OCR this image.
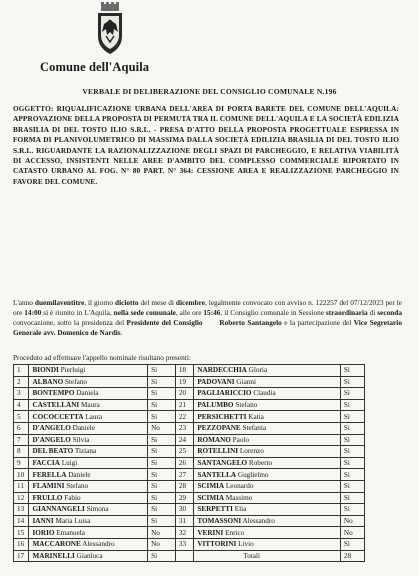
Comune dell'Aquila
VERBALE DI DELIBERAZIONE DEL CONSIGLIO COMUNALE N.196
OGGETTO: RIQUALIFICAZIONE URBANA DELL'AREA DI PORTA BARETE DEL COMUNE DELL'AQUILA: APPROVAZIONE DELLA PROPOSTA DI PERMUTA TRA IL COMUNE DELL'AQUILA E LA SOCIETÀ EDILIZIA BRASILIA DI DEL TOSTO ILIO S.R.L. - PRESA D'ATTO DELLA PROPOSTA PROGETTUALE ESPRESSA IN FORMA DI PLANIVOLUMETRICO DI MASSIMA DALLA SOCIETÀ EDILIZIA BRASILIA DI DEL TOSTO ILIO S.R.L. RIGUARDANTE LA RAZIONALIZZAZIONE DEGLI SPAZI DI PARCHEGGIO, E RELATIVA VIABILITÀ DI ACCESSO, INSISTENTI NELLE AREE D'AMBITO DEL COMPLESSO COMMERCIALE RIPORTATO IN CATASTO URBANO AL FOG. N° 80 PART. N° 364: CESSIONE AREA E REALIZZAZIONE PARCHEGGIO IN FAVORE DEL COMUNE.
L'anno duemilaventitre, il giorno diciotto del mese di dicembre, legalmente convocato con avviso n. 122257 del 07/12/2023 per le ore 14:00 si è riunito in L'Aquila, nella sede comunale, alle ore 15:46, il Consiglio comunale in Sessione straordinaria di seconda convocazione, sotto la presidenza del Presidente del Consiglio Roberto Santangelo e la partecipazione del Vice Segretario Generale avv. Domenico de Nardis.
Proceduto ad effettuare l'appello nominale risultano presenti:
1	BIONDI Pierluigi	Si	18	NARDECCHIA Gloria	Si
2	ALBANO Stefano	Si	19	PADOVANI Gianni	Si
3	BONTEMPO Daniela	Si	20	PAGLIARICCIO Claudia	Si
4	CASTELLANI Maura	Si	21	PALUMBO Stefano	Si
5	COCOCCETTA Laura	Si	22	PERSICHETTI Katia	Si
6	D'ANGELO Daniele	No	23	PEZZOPANE Stefania	Si
7	D'ANGELO Silvia	Si	24	ROMANO Paolo	Si
8	DEL BEATO Tiziana	Si	25	ROTELLINI Lorenzo	Si
9	FACCIA Luigi	Si	26	SANTANGELO Roberto	Si
10	FERELLA Daniele	Si	27	SANTELLA Guglielmo	Si
11	FLAMINI Stefano	Si	28	SCIMIA Leonardo	Si
12	FRULLO Fabio	Si	29	SCIMIA Massimo	Si
13	GIANNANGELI Simona	Si	30	SERPETTI Elia	Si
14	IANNI Maria Luisa	Si	31	TOMASSONI Alessandro	No
15	IORIO Emanuela	No	32	VERINI Enrico	No
16	MACCARONE Alessandro	No	33	VITTORINI Livio	Si
17	MARINELLI Gianluca	Si		Totali	28
